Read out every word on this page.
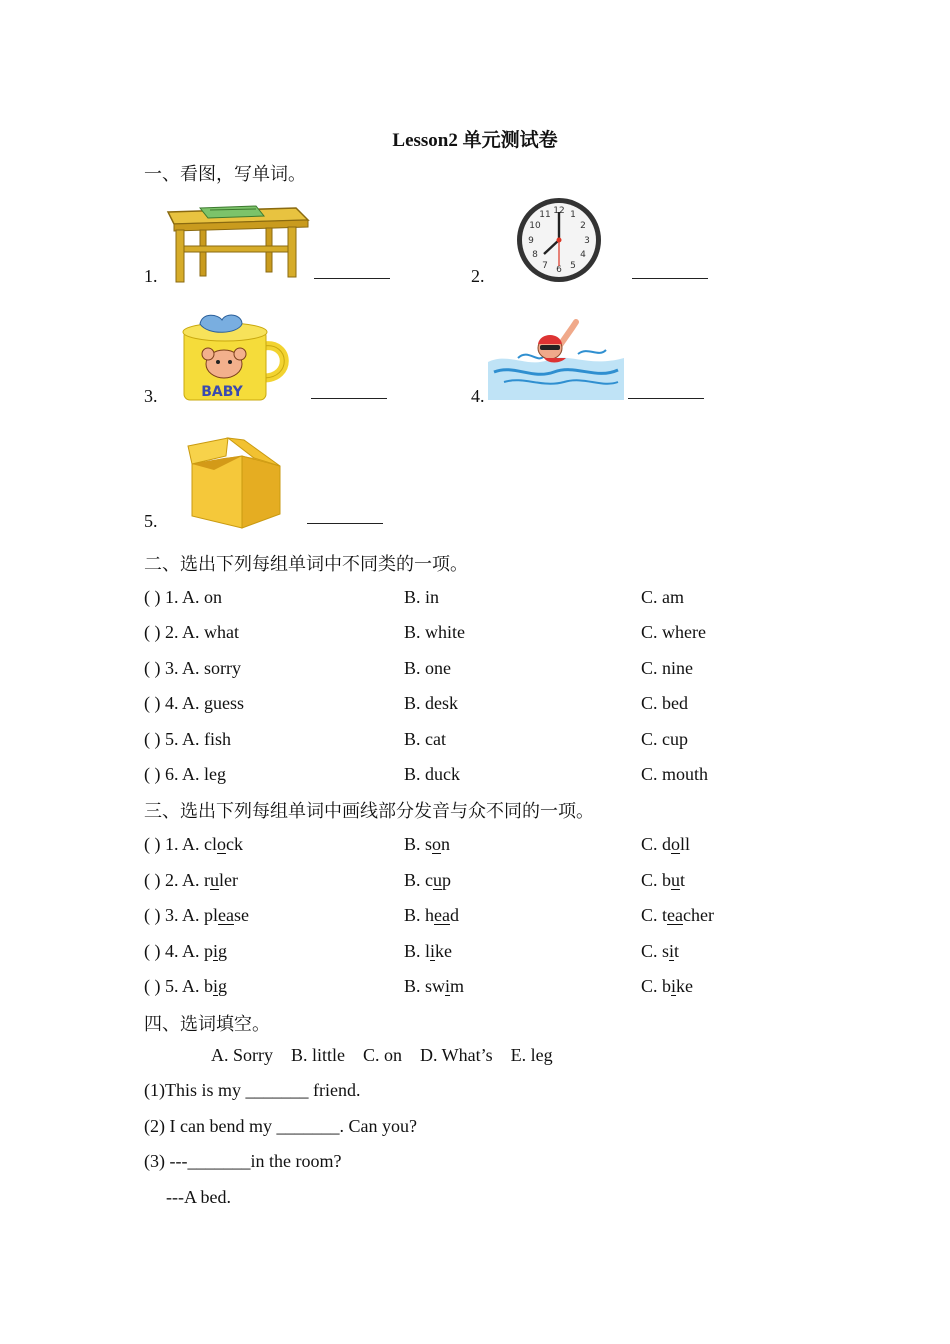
Lesson2 单元测试卷
一、看图，写单词。
1.	2.
12 1
2
3
4
5
6
7
8
9
10
11
3.	BABY	4.
5.
二、选出下列每组单词中不同类的一项。
( ) 1. A. on	B. in	C. am
( ) 2. A. what	B. white	C. where
( ) 3. A. sorry	B. one	C. nine
( ) 4. A. guess	B. desk	C. bed
( ) 5. A. fish	B. cat	C. cup
( ) 6. A. leg	B. duck	C. mouth
三、选出下列每组单词中画线部分发音与众不同的一项。
( ) 1. A. clock	B. son	C. doll
( ) 2. A. ruler	B. cup	C. but
( ) 3. A. please	B. head	C. teacher
( ) 4. A. pig	B. like	C. sit
( ) 5. A. big	B. swim	C. bike
四、选词填空。
A. Sorry    B. little    C. on    D. What’s    E. leg
(1)This is my _______ friend.
(2) I can bend my _______. Can you?
(3) ---_______in the room?
---A bed.
